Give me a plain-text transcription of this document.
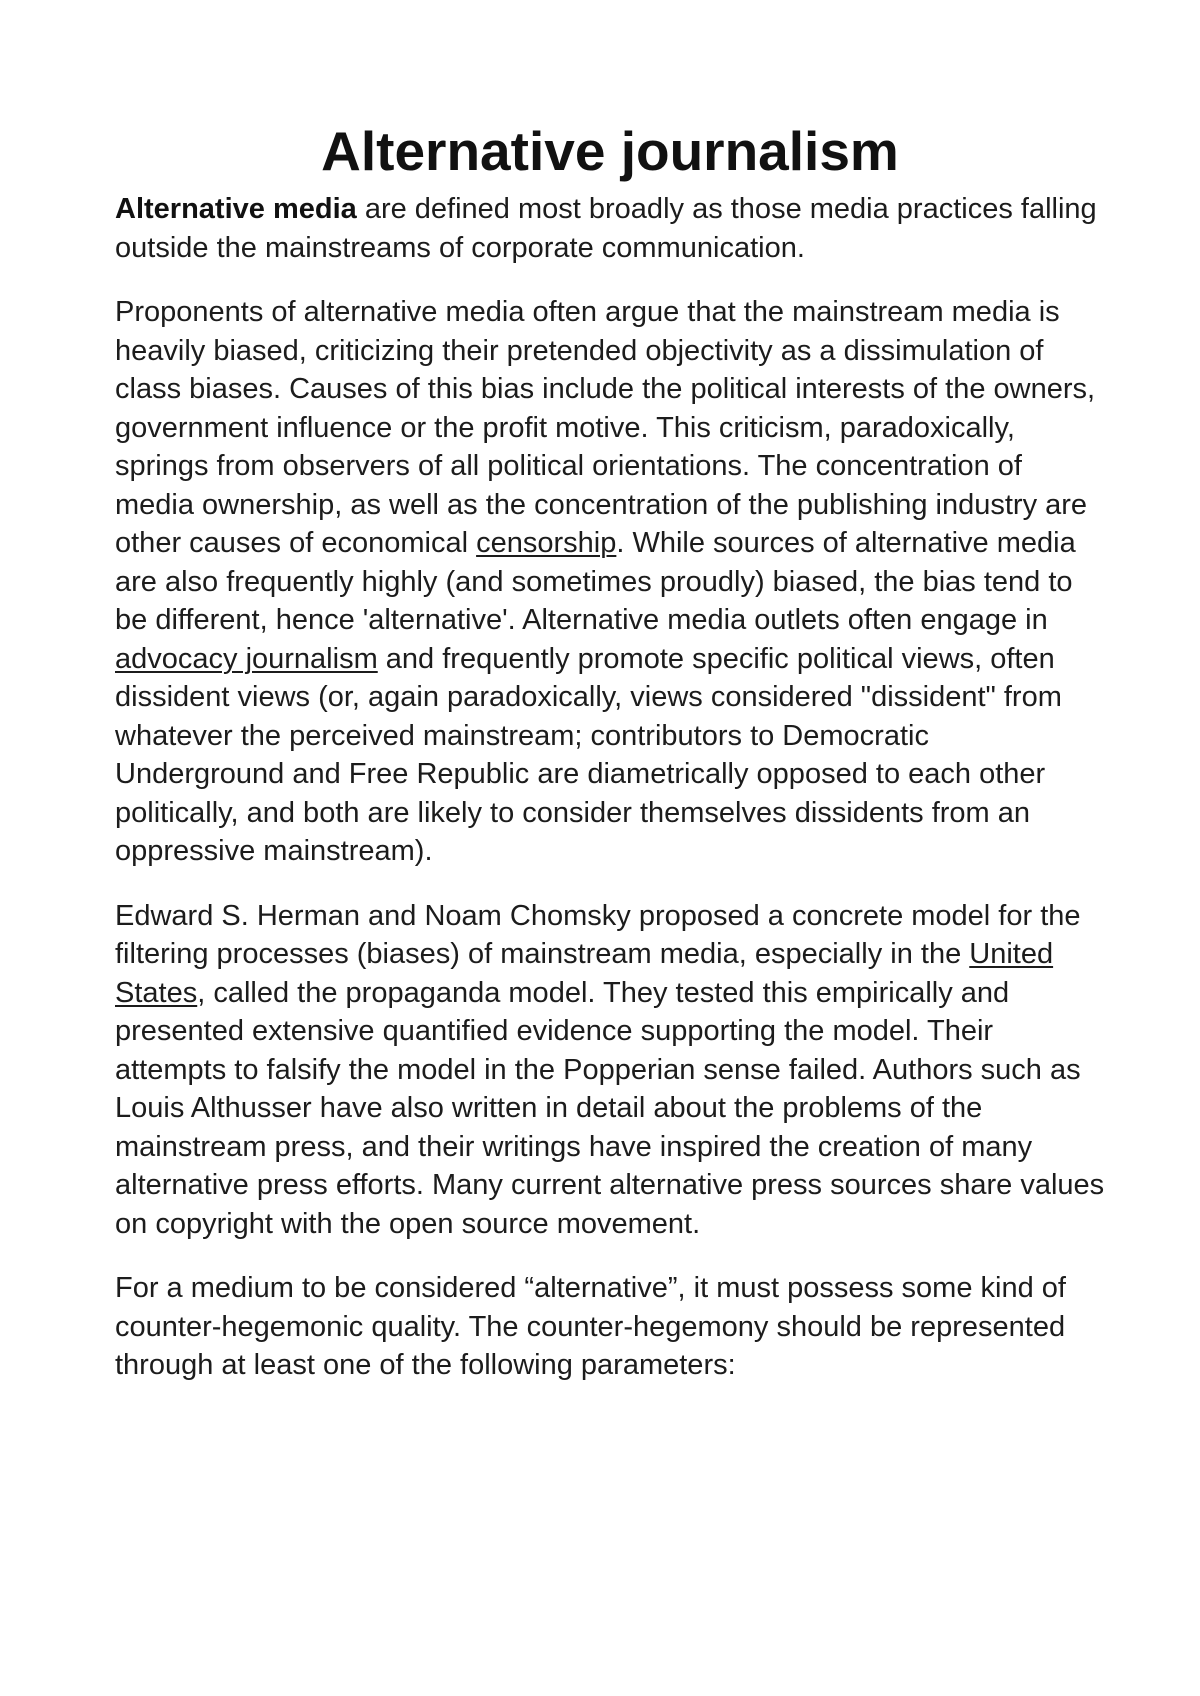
Alternative journalism

Alternative media are defined most broadly as those media practices falling outside the mainstreams of corporate communication.

Proponents of alternative media often argue that the mainstream media is heavily biased, criticizing their pretended objectivity as a dissimulation of class biases. Causes of this bias include the political interests of the owners, government influence or the profit motive. This criticism, paradoxically, springs from observers of all political orientations. The concentration of media ownership, as well as the concentration of the publishing industry are other causes of economical censorship. While sources of alternative media are also frequently highly (and sometimes proudly) biased, the bias tend to be different, hence 'alternative'. Alternative media outlets often engage in advocacy journalism and frequently promote specific political views, often dissident views (or, again paradoxically, views considered "dissident" from whatever the perceived mainstream; contributors to Democratic Underground and Free Republic are diametrically opposed to each other politically, and both are likely to consider themselves dissidents from an oppressive mainstream).

Edward S. Herman and Noam Chomsky proposed a concrete model for the filtering processes (biases) of mainstream media, especially in the United States, called the propaganda model. They tested this empirically and presented extensive quantified evidence supporting the model. Their attempts to falsify the model in the Popperian sense failed. Authors such as Louis Althusser have also written in detail about the problems of the mainstream press, and their writings have inspired the creation of many alternative press efforts. Many current alternative press sources share values on copyright with the open source movement.

For a medium to be considered “alternative”, it must possess some kind of counter-hegemonic quality. The counter-hegemony should be represented through at least one of the following parameters:
